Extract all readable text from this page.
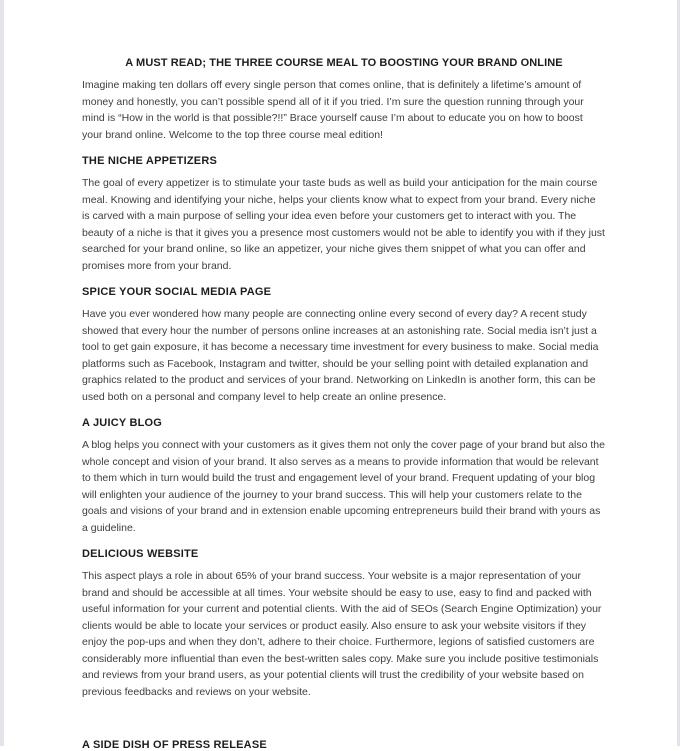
A MUST READ; THE THREE COURSE MEAL TO BOOSTING YOUR BRAND ONLINE

Imagine making ten dollars off every single person that comes online, that is definitely a lifetime’s amount of money and honestly, you can’t possible spend all of it if you tried. I’m sure the question running through your mind is “How in the world is that possible?!!” Brace yourself cause I’m about to educate you on how to boost your brand online. Welcome to the top three course meal edition!

THE NICHE APPETIZERS

The goal of every appetizer is to stimulate your taste buds as well as build your anticipation for the main course meal. Knowing and identifying your niche, helps your clients know what to expect from your brand. Every niche is carved with a main purpose of selling your idea even before your customers get to interact with you. The beauty of a niche is that it gives you a presence most customers would not be able to identify you with if they just searched for your brand online, so like an appetizer, your niche gives them snippet of what you can offer and promises more from your brand.

SPICE YOUR SOCIAL MEDIA PAGE

Have you ever wondered how many people are connecting online every second of every day? A recent study showed that every hour the number of persons online increases at an astonishing rate. Social media isn’t just a tool to get gain exposure, it has become a necessary time investment for every business to make. Social media platforms such as Facebook, Instagram and twitter, should be your selling point with detailed explanation and graphics related to the product and services of your brand. Networking on LinkedIn is another form, this can be used both on a personal and company level to help create an online presence.

A JUICY BLOG

A blog helps you connect with your customers as it gives them not only the cover page of your brand but also the whole concept and vision of your brand. It also serves as a means to provide information that would be relevant to them which in turn would build the trust and engagement level of your brand. Frequent updating of your blog will enlighten your audience of the journey to your brand success. This will help your customers relate to the goals and visions of your brand and in extension enable upcoming entrepreneurs build their brand with yours as a guideline.

DELICIOUS WEBSITE

This aspect plays a role in about 65% of your brand success. Your website is a major representation of your brand and should be accessible at all times. Your website should be easy to use, easy to find and packed with useful information for your current and potential clients. With the aid of SEOs (Search Engine Optimization) your clients would be able to locate your services or product easily. Also ensure to ask your website visitors if they enjoy the pop-ups and when they don’t, adhere to their choice. Furthermore, legions of satisfied customers are considerably more influential than even the best-written sales copy. Make sure you include positive testimonials and reviews from your brand users, as your potential clients will trust the credibility of your website based on previous feedbacks and reviews on your website.

A SIDE DISH OF PRESS RELEASE
